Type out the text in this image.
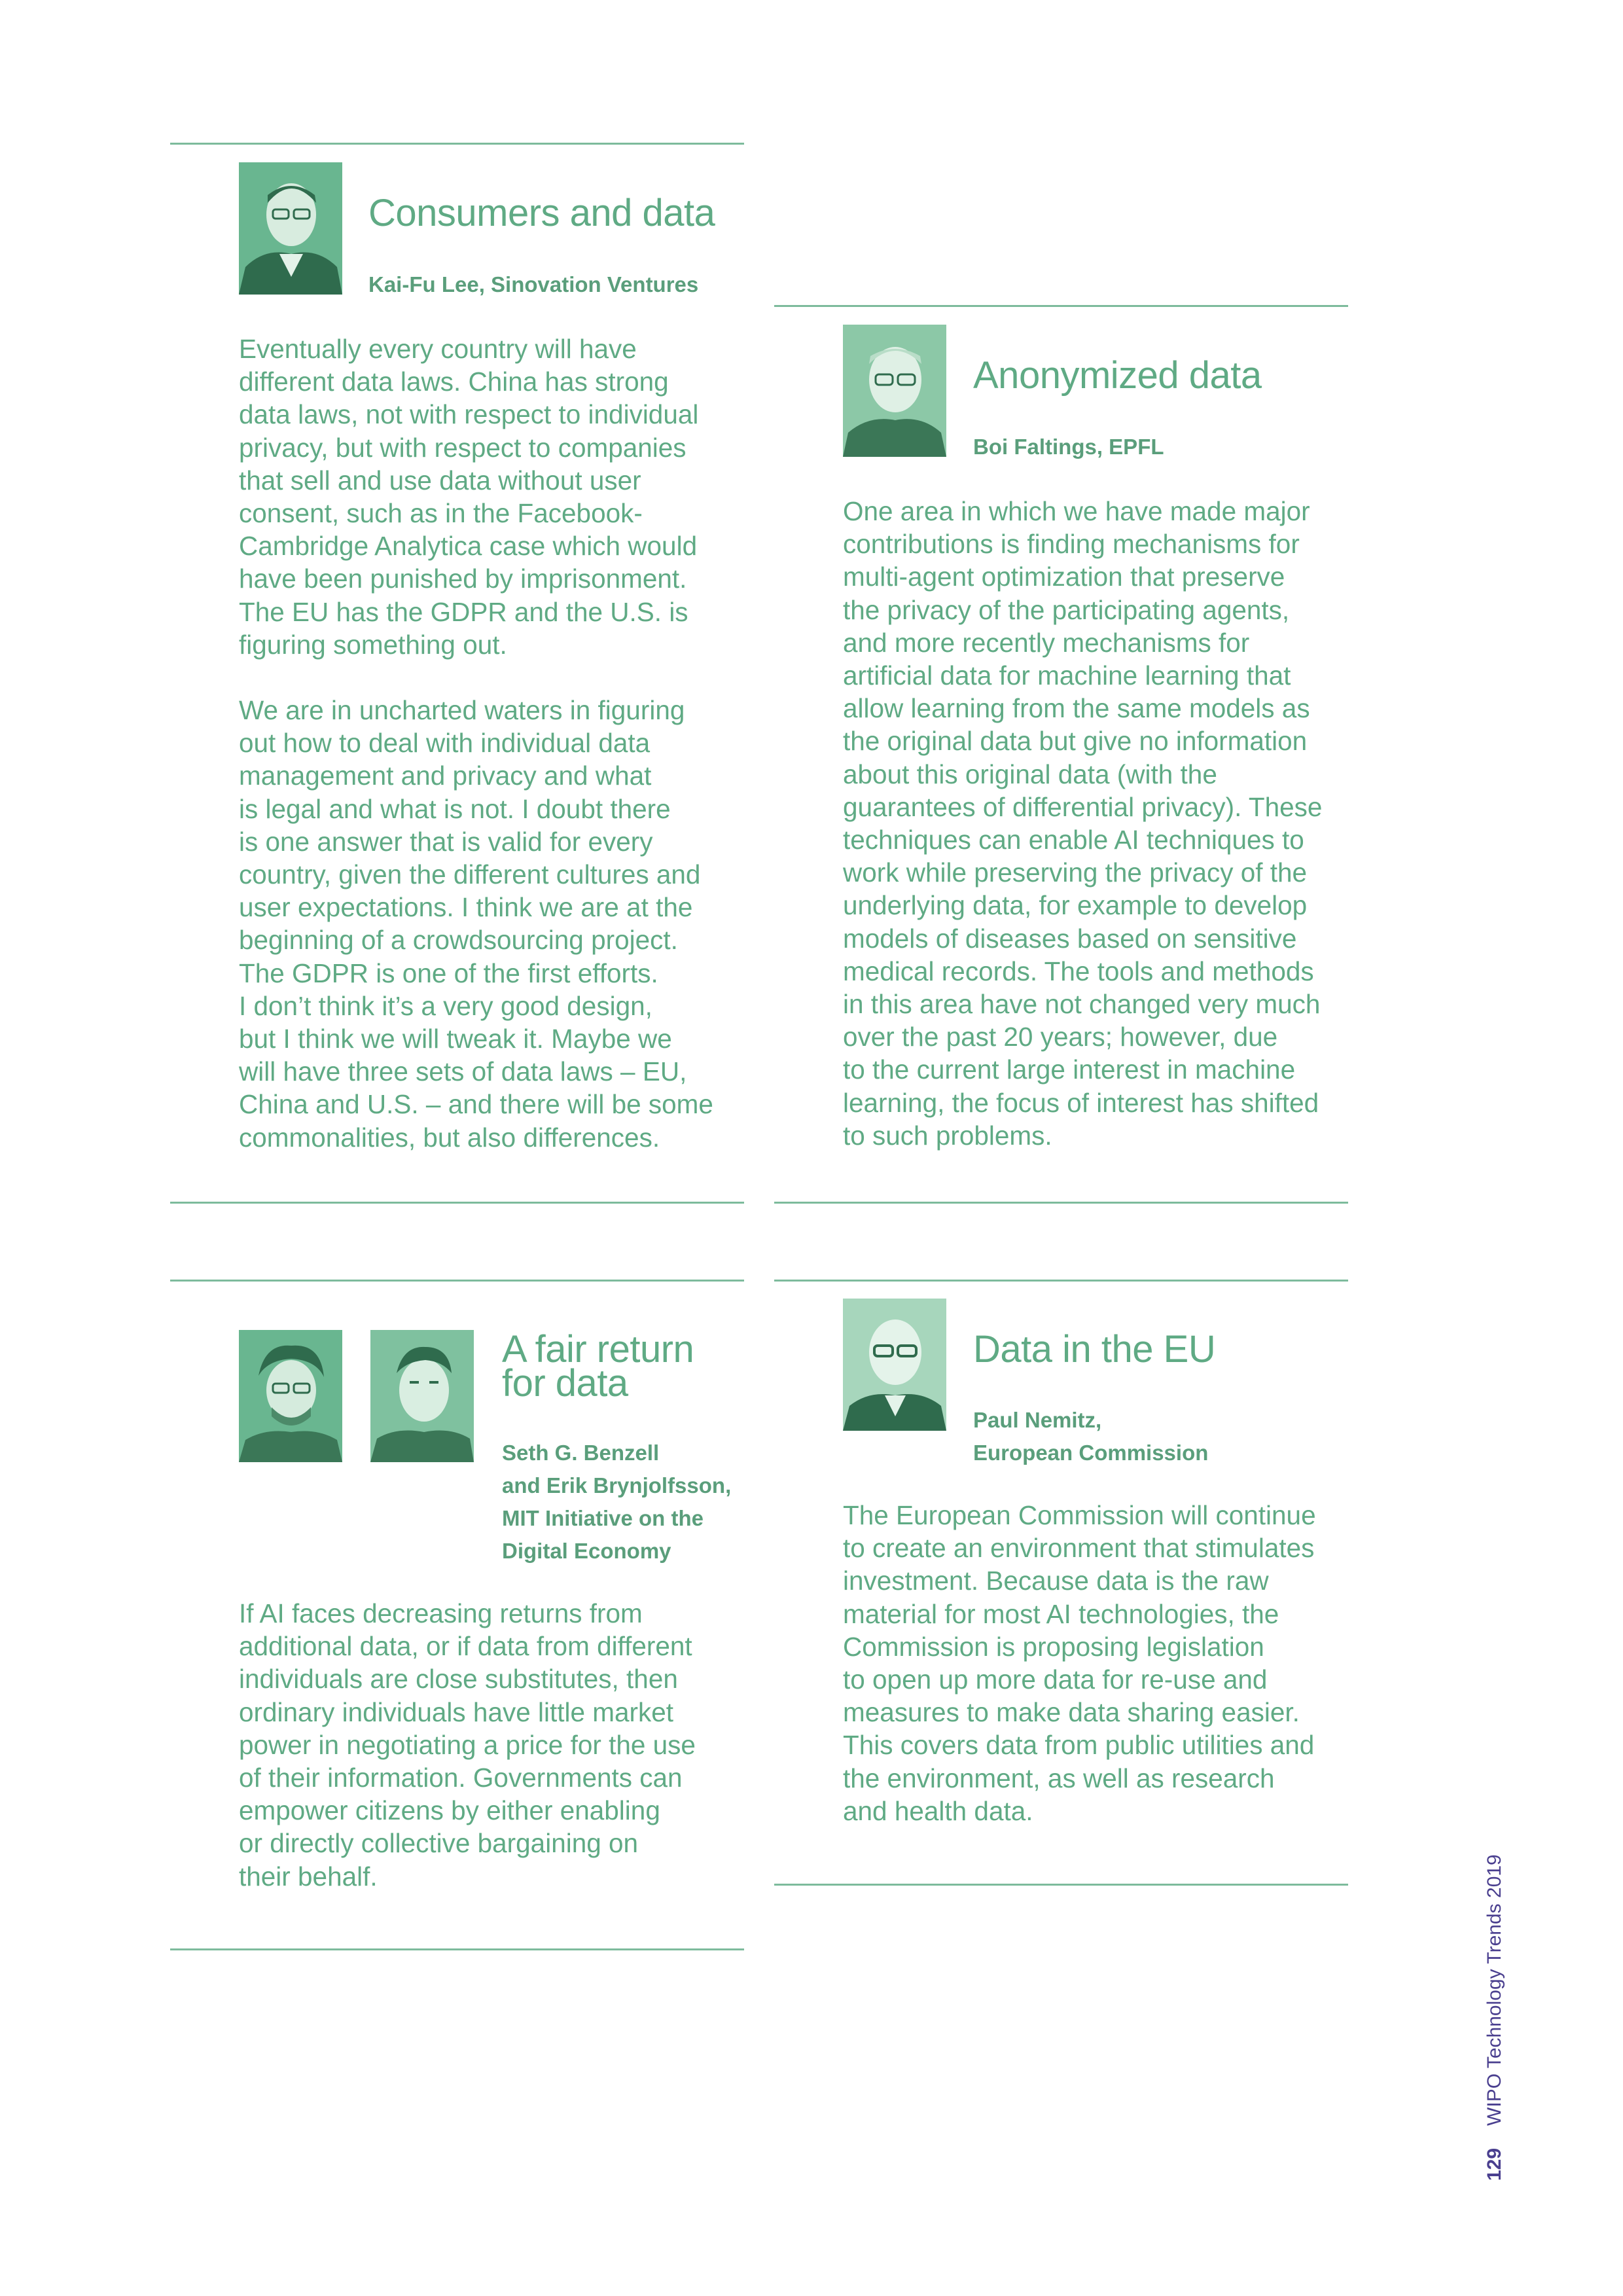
Consumers and data
Kai-Fu Lee, Sinovation Ventures

Eventually every country will have
different data laws. China has strong
data laws, not with respect to individual
privacy, but with respect to companies
that sell and use data without user
consent, such as in the Facebook-
Cambridge Analytica case which would
have been punished by imprisonment.
The EU has the GDPR and the U.S. is
figuring something out.

We are in uncharted waters in figuring
out how to deal with individual data
management and privacy and what
is legal and what is not. I doubt there
is one answer that is valid for every
country, given the different cultures and
user expectations. I think we are at the
beginning of a crowdsourcing project.
The GDPR is one of the first efforts.
I don’t think it’s a very good design,
but I think we will tweak it. Maybe we
will have three sets of data laws – EU,
China and U.S. – and there will be some
commonalities, but also differences.

Anonymized data
Boi Faltings, EPFL

One area in which we have made major
contributions is finding mechanisms for
multi-agent optimization that preserve
the privacy of the participating agents,
and more recently mechanisms for
artificial data for machine learning that
allow learning from the same models as
the original data but give no information
about this original data (with the
guarantees of differential privacy). These
techniques can enable AI techniques to
work while preserving the privacy of the
underlying data, for example to develop
models of diseases based on sensitive
medical records. The tools and methods
in this area have not changed very much
over the past 20 years; however, due
to the current large interest in machine
learning, the focus of interest has shifted
to such problems.

A fair return
for data
Seth G. Benzell
and Erik Brynjolfsson,
MIT Initiative on the
Digital Economy

If AI faces decreasing returns from
additional data, or if data from different
individuals are close substitutes, then
ordinary individuals have little market
power in negotiating a price for the use
of their information. Governments can
empower citizens by either enabling
or directly collective bargaining on
their behalf.

Data in the EU
Paul Nemitz,
European Commission

The European Commission will continue
to create an environment that stimulates
investment. Because data is the raw
material for most AI technologies, the
Commission is proposing legislation
to open up more data for re-use and
measures to make data sharing easier.
This covers data from public utilities and
the environment, as well as research
and health data.

129WIPO Technology Trends 2019
